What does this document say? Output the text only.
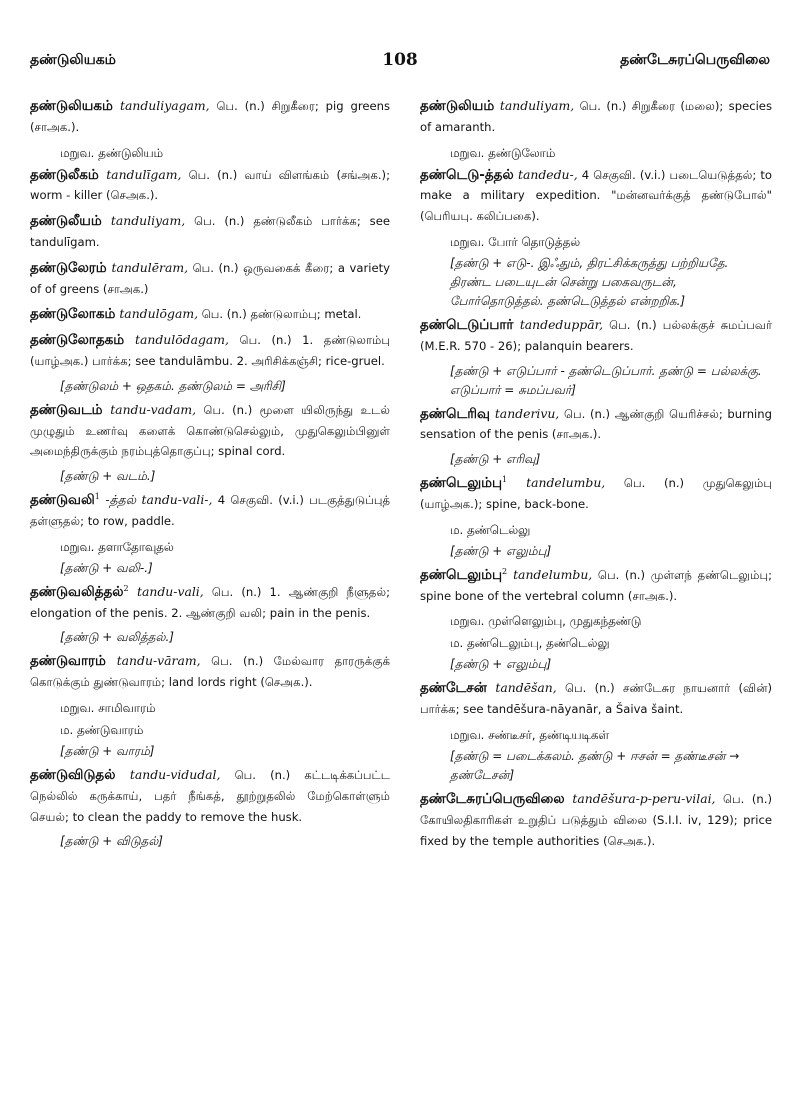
தண்டுலியகம்	108	தண்டேசுரப்பெருவிலை
தண்டுலியகம் tanduliyagam, பெ. (n.) சிறுகீரை; pig greens (சாஅக.).
மறுவ. தண்டுலியம்
தண்டுலீகம் tandulīgam, பெ. (n.) வாய் விளங்கம் (சங்அக.); worm - killer (செஅக.).
தண்டுலீயம் tanduliyam, பெ. (n.) தண்டுலீகம் பார்க்க; see tandulīgam.
தண்டுலேரம் tandulēram, பெ. (n.) ஒருவகைக் கீரை; a variety of of greens (சாஅக.)
தண்டுலோகம் tandulōgam, பெ. (n.) தண்டுலாம்பு; metal.
தண்டுலோதகம் tandulōdagam, பெ. (n.) 1. தண்டுலாம்பு (யாழ்அக.) பார்க்க; see tandulāmbu. 2. அரிசிக்கஞ்சி; rice-gruel.
[தண்டுலம் + ஒதகம். தண்டுலம் = அரிசி]
தண்டுவடம் tandu-vadam, பெ. (n.) மூளை யிலிருந்து உடல் முழுதும் உணர்வு களைக் கொண்டுசெல்லும், முதுகெலும்பினுள் அமைந்திருக்கும் நரம்புத்தொகுப்பு; spinal cord.
[தண்டு + வடம்.]
தண்டுவலி$^1$ -த்தல் tandu-vali-, 4 செகுவி. (v.i.) படகுத்துடுப்புத் தள்ளுதல்; to row, paddle.
மறுவ. தளாதோவுதல்
[தண்டு + வலி-.]
தண்டுவலித்தல்$^2$ tandu-vali, பெ. (n.) 1. ஆண்குறி நீளுதல்; elongation of the penis. 2. ஆண்குறி வலி; pain in the penis.
[தண்டு + வலித்தல்.]
தண்டுவாரம் tandu-vāram, பெ. (n.) மேல்வார தாரருக்குக் கொடுக்கும் துண்டுவாரம்; land lords right (செஅக.).
மறுவ. சாமிவாரம்
ம. தண்டுவாரம்
[தண்டு + வாரம்]
தண்டுவிடுதல் tandu-vidudal, பெ. (n.) கட்டடிக்கப்பட்ட நெல்லில் கருக்காய், பதர் நீங்கத், தூற்றுதலில் மேற்கொள்ளும் செயல்; to clean the paddy to remove the husk.
[தண்டு + விடுதல்]
தண்டுலியம் tanduliyam, பெ. (n.) சிறுகீரை (மலை); species of amaranth.
மறுவ. தண்டுலோம்
தண்டெடு-த்தல் tandedu-, 4 செகுவி. (v.i.) படையெடுத்தல்; to make a military expedition. "மன்னவர்க்குத் தண்டுபோல்" (பெரியபு. கலிப்பகை).
மறுவ. போர் தொடுத்தல்
[தண்டு + எடு-. இஃதும், திரட்சிக்கருத்து பற்றியதே. திரண்ட படையுடன் சென்று பகைவருடன், போர்தொடுத்தல். தண்டெடுத்தல் என்றறிக.]
தண்டெடுப்பார் tandeduppār, பெ. (n.) பல்லக்குச் சுமப்பவர் (M.E.R. 570 - 26); palanquin bearers.
[தண்டு + எடுப்பார் - தண்டெடுப்பார். தண்டு = பல்லக்கு. எடுப்பார் = சுமப்பவர்]
தண்டெரிவு tanderivu, பெ. (n.) ஆண்குறி யெரிச்சல்; burning sensation of the penis (சாஅக.).
[தண்டு + எரிவு]
தண்டெலும்பு$^1$ tandelumbu, பெ. (n.) முதுகெலும்பு (யாழ்அக.); spine, back-bone.
ம. தண்டெல்லு
[தண்டு + எலும்பு]
தண்டெலும்பு$^2$ tandelumbu, பெ. (n.) முள்ளந் தண்டெலும்பு; spine bone of the vertebral column (சாஅக.).
மறுவ. முள்ளெலும்பு, முதுகந்தண்டு
ம. தண்டெலும்பு, தண்டெல்லு
[தண்டு + எலும்பு]
தண்டேசன் tandēšan, பெ. (n.) சண்டேசுர நாயனார் (வின்) பார்க்க; see tandēšura-nāyanār, a Šaiva šaint.
மறுவ. சண்டீசர், தண்டியடிகள்
[தண்டு = படைக்கலம். தண்டு + ஈசன் = தண்டீசன் → தண்டேசன்]
தண்டேசுரப்பெருவிலை tandēšura-p-peru-vilai, பெ. (n.) கோயிலதிகாரிகள் உறுதிப் படுத்தும் விலை (S.I.I. iv, 129); price fixed by the temple authorities (செஅக.).
